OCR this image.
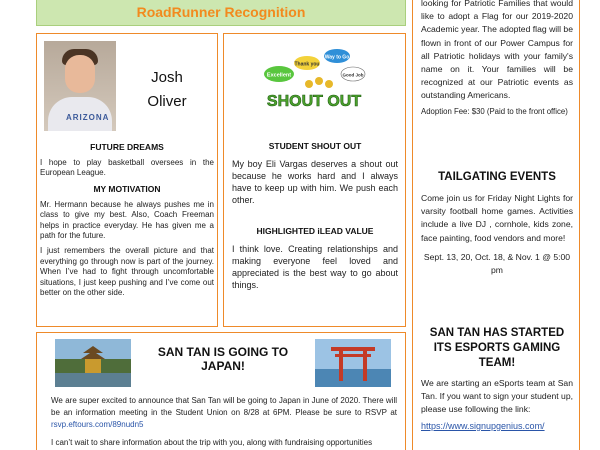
RoadRunner Recognition
ARIZONA
Josh
Oliver
FUTURE DREAMS
I hope to play basketball oversees in the European League.
MY MOTIVATION
Mr. Hermann because he always pushes me in class to give my best. Also, Coach Freeman helps in practice everyday. He has given me a path for the future.
I just remembers the overall picture and that everything go through now is part of the journey. When I’ve had to fight through uncomfortable situations, I just keep pushing and I’ve come out better on the other side.
Excellent
Thank you
Way to Go
Good Job
SHOUT OUT
STUDENT SHOUT OUT
My boy Eli Vargas deserves a shout out because he works hard and I always have to keep up with him. We push each other.
HIGHLIGHTED iLEAD VALUE
I think love. Creating relationships and making everyone feel loved and appreciated is the best way to go about things.
SAN TAN IS GOING TO JAPAN!
We are super excited to announce that San Tan will be going to Japan in June of 2020. There will be an information meeting in the Student Union on 8/28 at 6PM. Please be sure to RSVP at rsvp.eftours.com/89nudn5
I can’t wait to share information about the trip with you, along with fundraising opportunities
looking for Patriotic Families that would like to adopt a Flag for our 2019-2020 Academic year. The adopted flag will be flown in front of our Power Campus for all Patriotic holidays with your family's name on it. Your families will be recognized at our Patriotic events as outstanding Americans.
Adoption Fee: $30 (Paid to the front office)
TAILGATING EVENTS
Come join us for Friday Night Lights for varsity football home games. Activities include a live DJ , cornhole, kids zone, face painting, food vendors and more!
Sept. 13, 20, Oct. 18, & Nov. 1 @ 5:00 pm
SAN TAN HAS STARTED ITS ESPORTS GAMING TEAM!
We are starting an eSports team at San Tan. If you want to sign your student up, please use following the link:
https://www.signupgenius.com/
